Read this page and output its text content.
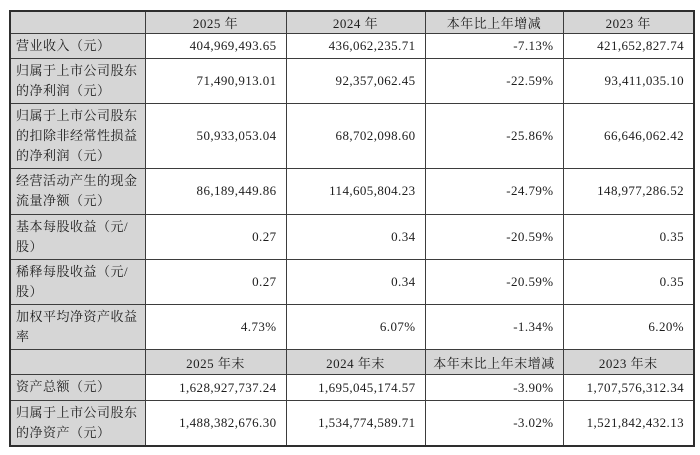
	2025 年	2024 年	本年比上年增减	2023 年
营业收入（元）	404,969,493.65	436,062,235.71	-7.13%	421,652,827.74
归属于上市公司股东的净利润（元）	71,490,913.01	92,357,062.45	-22.59%	93,411,035.10
归属于上市公司股东的扣除非经常性损益的净利润（元）	50,933,053.04	68,702,098.60	-25.86%	66,646,062.42
经营活动产生的现金流量净额（元）	86,189,449.86	114,605,804.23	-24.79%	148,977,286.52
基本每股收益（元/股）	0.27	0.34	-20.59%	0.35
稀释每股收益（元/股）	0.27	0.34	-20.59%	0.35
加权平均净资产收益率	4.73%	6.07%	-1.34%	6.20%
	2025 年末	2024 年末	本年末比上年末增减	2023 年末
资产总额（元）	1,628,927,737.24	1,695,045,174.57	-3.90%	1,707,576,312.34
归属于上市公司股东的净资产（元）	1,488,382,676.30	1,534,774,589.71	-3.02%	1,521,842,432.13
